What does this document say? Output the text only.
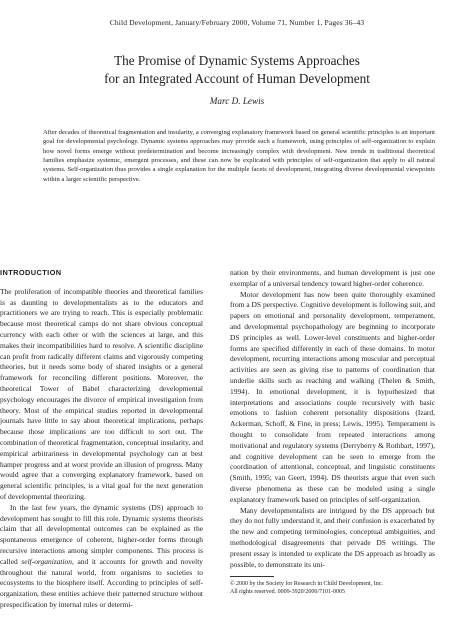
Child Development, January/February 2000, Volume 71, Number 1, Pages 36–43
The Promise of Dynamic Systems Approaches
for an Integrated Account of Human Development
Marc D. Lewis
After decades of theoretical fragmentation and insularity, a converging explanatory framework based on general scientific principles is an important goal for developmental psychology. Dynamic systems approaches may provide such a framework, using principles of self-organization to explain how novel forms emerge without predetermination and become increasingly complex with development. New trends in traditional theoretical families emphasize systemic, emergent processes, and these can now be explicated with principles of self-organization that apply to all natural systems. Self-organization thus provides a single explanation for the multiple facets of development, integrating diverse developmental viewpoints within a larger scientific perspective.
INTRODUCTION

The proliferation of incompatible theories and theoretical families is as daunting to developmentalists as to the educators and practitioners we are trying to reach. This is especially problematic because most theoretical camps do not share obvious conceptual currency with each other or with the sciences at large, and this makes their incompatibilities hard to resolve. A scientific discipline can profit from radically different claims and vigorously competing theories, but it needs some body of shared insights or a general framework for reconciling different positions. Moreover, the theoretical Tower of Babel characterizing developmental psychology encourages the divorce of empirical investigation from theory. Most of the empirical studies reported in developmental journals have little to say about theoretical implications, perhaps because those implications are too difficult to sort out. The combination of theoretical fragmentation, conceptual insularity, and empirical arbitrariness in developmental psychology can at best hamper progress and at worst provide an illusion of progress. Many would agree that a converging explanatory framework, based on general scientific principles, is a vital goal for the next generation of developmental theorizing.

In the last few years, the dynamic systems (DS) approach to development has sought to fill this role. Dynamic systems theorists claim that all developmental outcomes can be explained as the spontaneous emergence of coherent, higher-order forms through recursive interactions among simpler components. This process is called self-organization, and it accounts for growth and novelty throughout the natural world, from organisms to societies to ecosystems to the biosphere itself. According to principles of self-organization, these entities achieve their patterned structure without prespecification by internal rules or determi-

nation by their environments, and human development is just one exemplar of a universal tendency toward higher-order coherence.

Motor development has now been quite thoroughly examined from a DS perspective. Cognitive development is following suit, and papers on emotional and personality development, temperament, and developmental psychopathology are beginning to incorporate DS principles as well. Lower-level constituents and higher-order forms are specified differently in each of these domains. In motor development, recurring interactions among muscular and perceptual activities are seen as giving rise to patterns of coordination that underlie skills such as reaching and walking (Thelen & Smith, 1994). In emotional development, it is hypothesized that interpretations and associations couple recursively with basic emotions to fashion coherent personality dispositions (Izard, Ackerman, Schoff, & Fine, in press; Lewis, 1995). Temperament is thought to consolidate from repeated interactions among motivational and regulatory systems (Derryberry & Rothbart, 1997), and cognitive development can be seen to emerge from the coordination of attentional, conceptual, and linguistic constituents (Smith, 1995; van Geert, 1994). DS theorists argue that even such diverse phenomena as these can be modeled using a single explanatory framework based on principles of self-organization.

Many developmentalists are intrigued by the DS approach but they do not fully understand it, and their confusion is exacerbated by the new and competing terminologies, conceptual ambiguities, and methodological disagreements that pervade DS writings. The present essay is intended to explicate the DS approach as broadly as possible, to demonstrate its uni-

© 2000 by the Society for Research in Child Development, Inc.
All rights reserved. 0009-3920/2000/7101-0005
